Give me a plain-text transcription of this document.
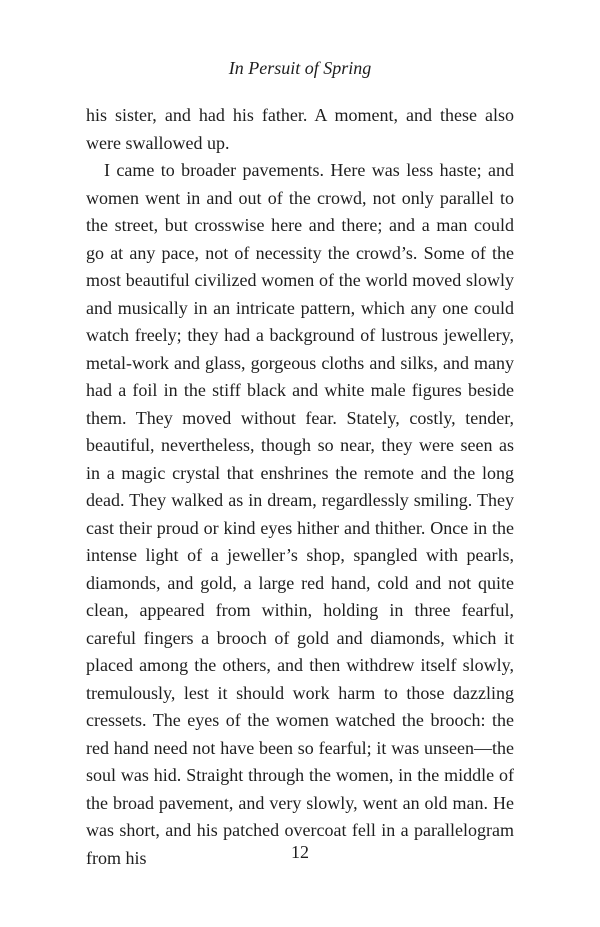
In Persuit of Spring

his sister, and had his father. A moment, and these also were swallowed up.

I came to broader pavements. Here was less haste; and women went in and out of the crowd, not only parallel to the street, but crosswise here and there; and a man could go at any pace, not of necessity the crowd’s. Some of the most beautiful civilized women of the world moved slowly and musically in an intricate pattern, which any one could watch freely; they had a background of lustrous jewellery, metal-work and glass, gorgeous cloths and silks, and many had a foil in the stiff black and white male figures beside them. They moved without fear. Stately, costly, tender, beautiful, nevertheless, though so near, they were seen as in a magic crystal that enshrines the remote and the long dead. They walked as in dream, regardlessly smiling. They cast their proud or kind eyes hither and thither. Once in the intense light of a jeweller’s shop, spangled with pearls, diamonds, and gold, a large red hand, cold and not quite clean, appeared from within, holding in three fearful, careful fingers a brooch of gold and diamonds, which it placed among the others, and then withdrew itself slowly, tremulously, lest it should work harm to those dazzling cressets. The eyes of the women watched the brooch: the red hand need not have been so fearful; it was unseen—the soul was hid. Straight through the women, in the middle of the broad pavement, and very slowly, went an old man. He was short, and his patched overcoat fell in a parallelogram from his	12
